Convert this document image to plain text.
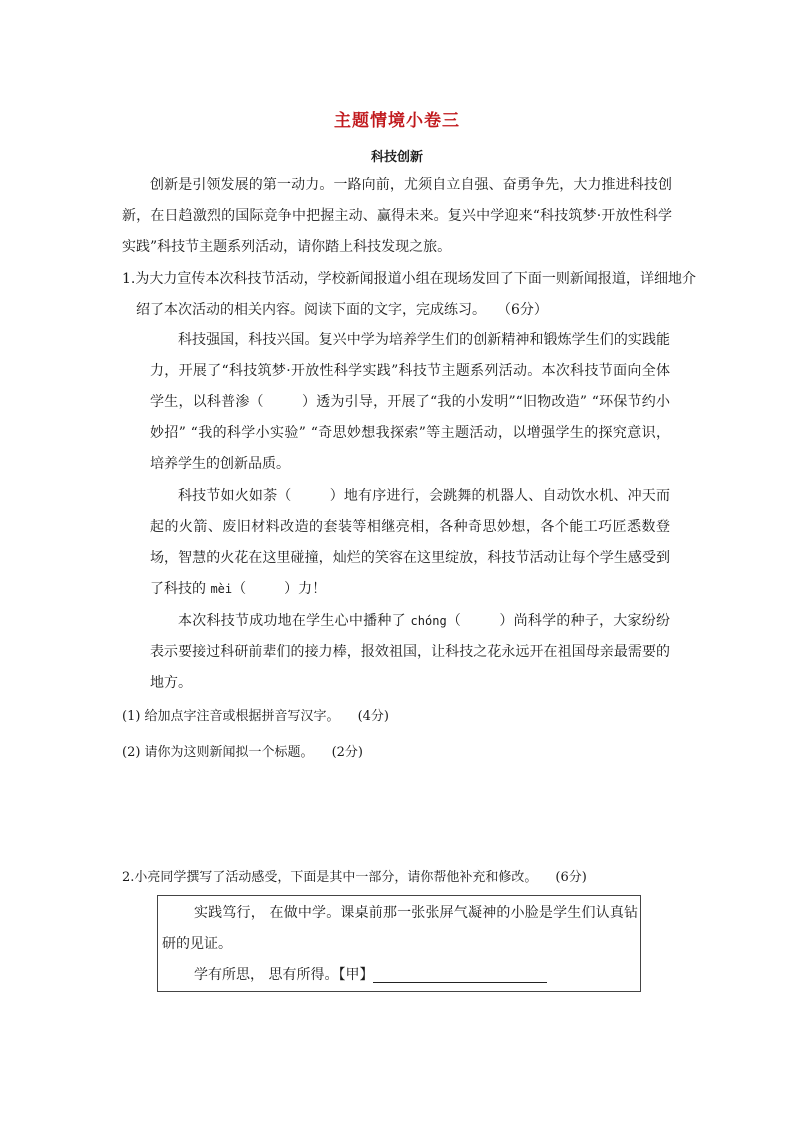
主题情境小卷三
科技创新
创新是引领发展的第一动力。一路向前，尤须自立自强、奋勇争先，大力推进科技创新，在日趋激烈的国际竞争中把握主动、赢得未来。复兴中学迎来“科技筑梦·开放性科学实践”科技节主题系列活动，请你踏上科技发现之旅。
1.为大力宣传本次科技节活动，学校新闻报道小组在现场发回了下面一则新闻报道，详细地介绍了本次活动的相关内容。阅读下面的文字，完成练习。 （6分）
科技强国，科技兴国。复兴中学为培养学生们的创新精神和锻炼学生们的实践能力，开展了“科技筑梦·开放性科学实践”科技节主题系列活动。本次科技节面向全体学生，以科普渗（	）透为引导，开展了“我的小发明”“旧物改造” “环保节约小妙招” “我的科学小实验” “奇思妙想我探索”等主题活动，以增强学生的探究意识，培养学生的创新品质。
科技节如火如荼（	）地有序进行，会跳舞的机器人、自动饮水机、冲天而起的火箭、废旧材料改造的套装等相继亮相，各种奇思妙想，各个能工巧匠悉数登场，智慧的火花在这里碰撞，灿烂的笑容在这里绽放，科技节活动让每个学生感受到了科技的 mèi（	）力！
本次科技节成功地在学生心中播种了 chóng（	）尚科学的种子，大家纷纷表示要接过科研前辈们的接力棒，报效祖国，让科技之花永远开在祖国母亲最需要的地方。
(1) 给加点字注音或根据拼音写汉字。 (4分)
(2) 请你为这则新闻拟一个标题。 (2分)
2.小亮同学撰写了活动感受，下面是其中一部分，请你帮他补充和修改。 (6分)
实践笃行， 在做中学。课桌前那一张张屏气凝神的小脸是学生们认真钻研的见证。
学有所思， 思有所得。【甲】
